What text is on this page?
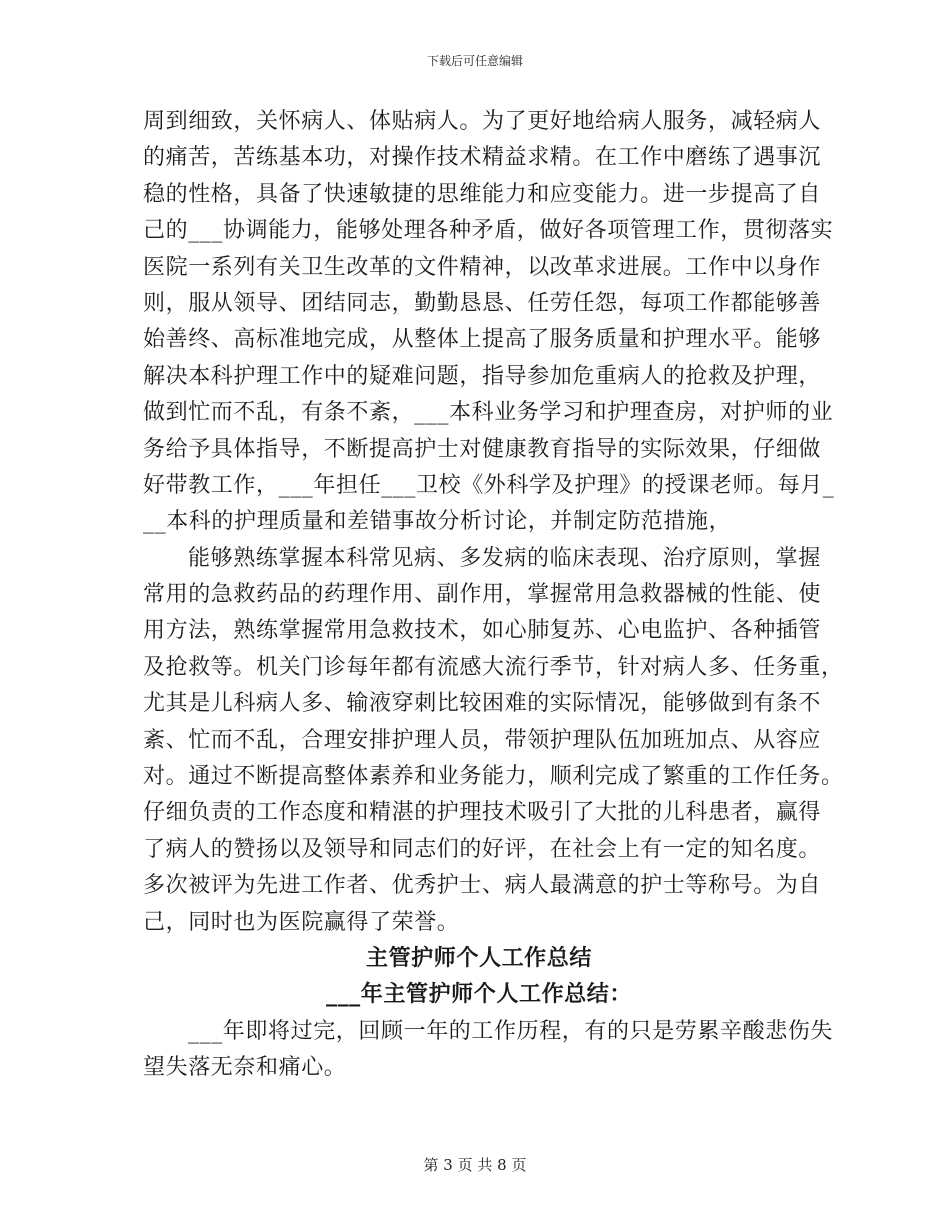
下载后可任意编辑
周到细致，关怀病人、体贴病人。为了更好地给病人服务，减轻病人
的痛苦，苦练基本功，对操作技术精益求精。在工作中磨练了遇事沉
稳的性格，具备了快速敏捷的思维能力和应变能力。进一步提高了自
己的___协调能力，能够处理各种矛盾，做好各项管理工作，贯彻落实
医院一系列有关卫生改革的文件精神，以改革求进展。工作中以身作
则，服从领导、团结同志，勤勤恳恳、任劳任怨，每项工作都能够善
始善终、高标准地完成，从整体上提高了服务质量和护理水平。能够
解决本科护理工作中的疑难问题，指导参加危重病人的抢救及护理，
做到忙而不乱，有条不紊，___本科业务学习和护理查房，对护师的业
务给予具体指导，不断提高护士对健康教育指导的实际效果，仔细做
好带教工作，___年担任___卫校《外科学及护理》的授课老师。每月_
__本科的护理质量和差错事故分析讨论，并制定防范措施，
能够熟练掌握本科常见病、多发病的临床表现、治疗原则，掌握
常用的急救药品的药理作用、副作用，掌握常用急救器械的性能、使
用方法，熟练掌握常用急救技术，如心肺复苏、心电监护、各种插管
及抢救等。机关门诊每年都有流感大流行季节，针对病人多、任务重，
尤其是儿科病人多、输液穿刺比较困难的实际情况，能够做到有条不
紊、忙而不乱，合理安排护理人员，带领护理队伍加班加点、从容应
对。通过不断提高整体素养和业务能力，顺利完成了繁重的工作任务。
仔细负责的工作态度和精湛的护理技术吸引了大批的儿科患者，赢得
了病人的赞扬以及领导和同志们的好评，在社会上有一定的知名度。
多次被评为先进工作者、优秀护士、病人最满意的护士等称号。为自
己，同时也为医院赢得了荣誉。
主管护师个人工作总结
___年主管护师个人工作总结：
___年即将过完，回顾一年的工作历程，有的只是劳累辛酸悲伤失
望失落无奈和痛心。
第 3 页 共 8 页
